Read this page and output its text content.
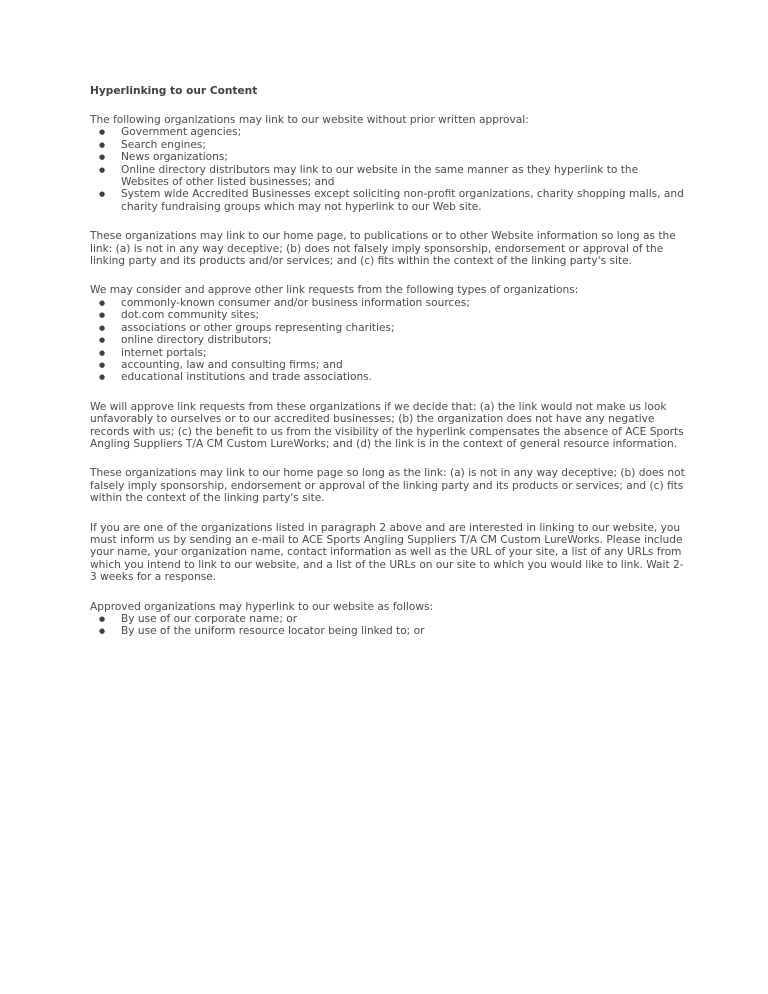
Hyperlinking to our Content

The following organizations may link to our website without prior written approval:

● Government agencies;
● Search engines;
● News organizations;
● Online directory distributors may link to our website in the same manner as they hyperlink to the Websites of other listed businesses; and
● System wide Accredited Businesses except soliciting non-profit organizations, charity shopping malls, and charity fundraising groups which may not hyperlink to our Web site.

These organizations may link to our home page, to publications or to other Website information so long as the link: (a) is not in any way deceptive; (b) does not falsely imply sponsorship, endorsement or approval of the linking party and its products and/or services; and (c) fits within the context of the linking party's site.

We may consider and approve other link requests from the following types of organizations:

● commonly-known consumer and/or business information sources;
● dot.com community sites;
● associations or other groups representing charities;
● online directory distributors;
● internet portals;
● accounting, law and consulting firms; and
● educational institutions and trade associations.

We will approve link requests from these organizations if we decide that: (a) the link would not make us look unfavorably to ourselves or to our accredited businesses; (b) the organization does not have any negative records with us; (c) the benefit to us from the visibility of the hyperlink compensates the absence of ACE Sports Angling Suppliers T/A CM Custom LureWorks; and (d) the link is in the context of general resource information.

These organizations may link to our home page so long as the link: (a) is not in any way deceptive; (b) does not falsely imply sponsorship, endorsement or approval of the linking party and its products or services; and (c) fits within the context of the linking party's site.

If you are one of the organizations listed in paragraph 2 above and are interested in linking to our website, you must inform us by sending an e-mail to ACE Sports Angling Suppliers T/A CM Custom LureWorks. Please include your name, your organization name, contact information as well as the URL of your site, a list of any URLs from which you intend to link to our website, and a list of the URLs on our site to which you would like to link. Wait 2-3 weeks for a response.

Approved organizations may hyperlink to our website as follows:

● By use of our corporate name; or
● By use of the uniform resource locator being linked to; or
